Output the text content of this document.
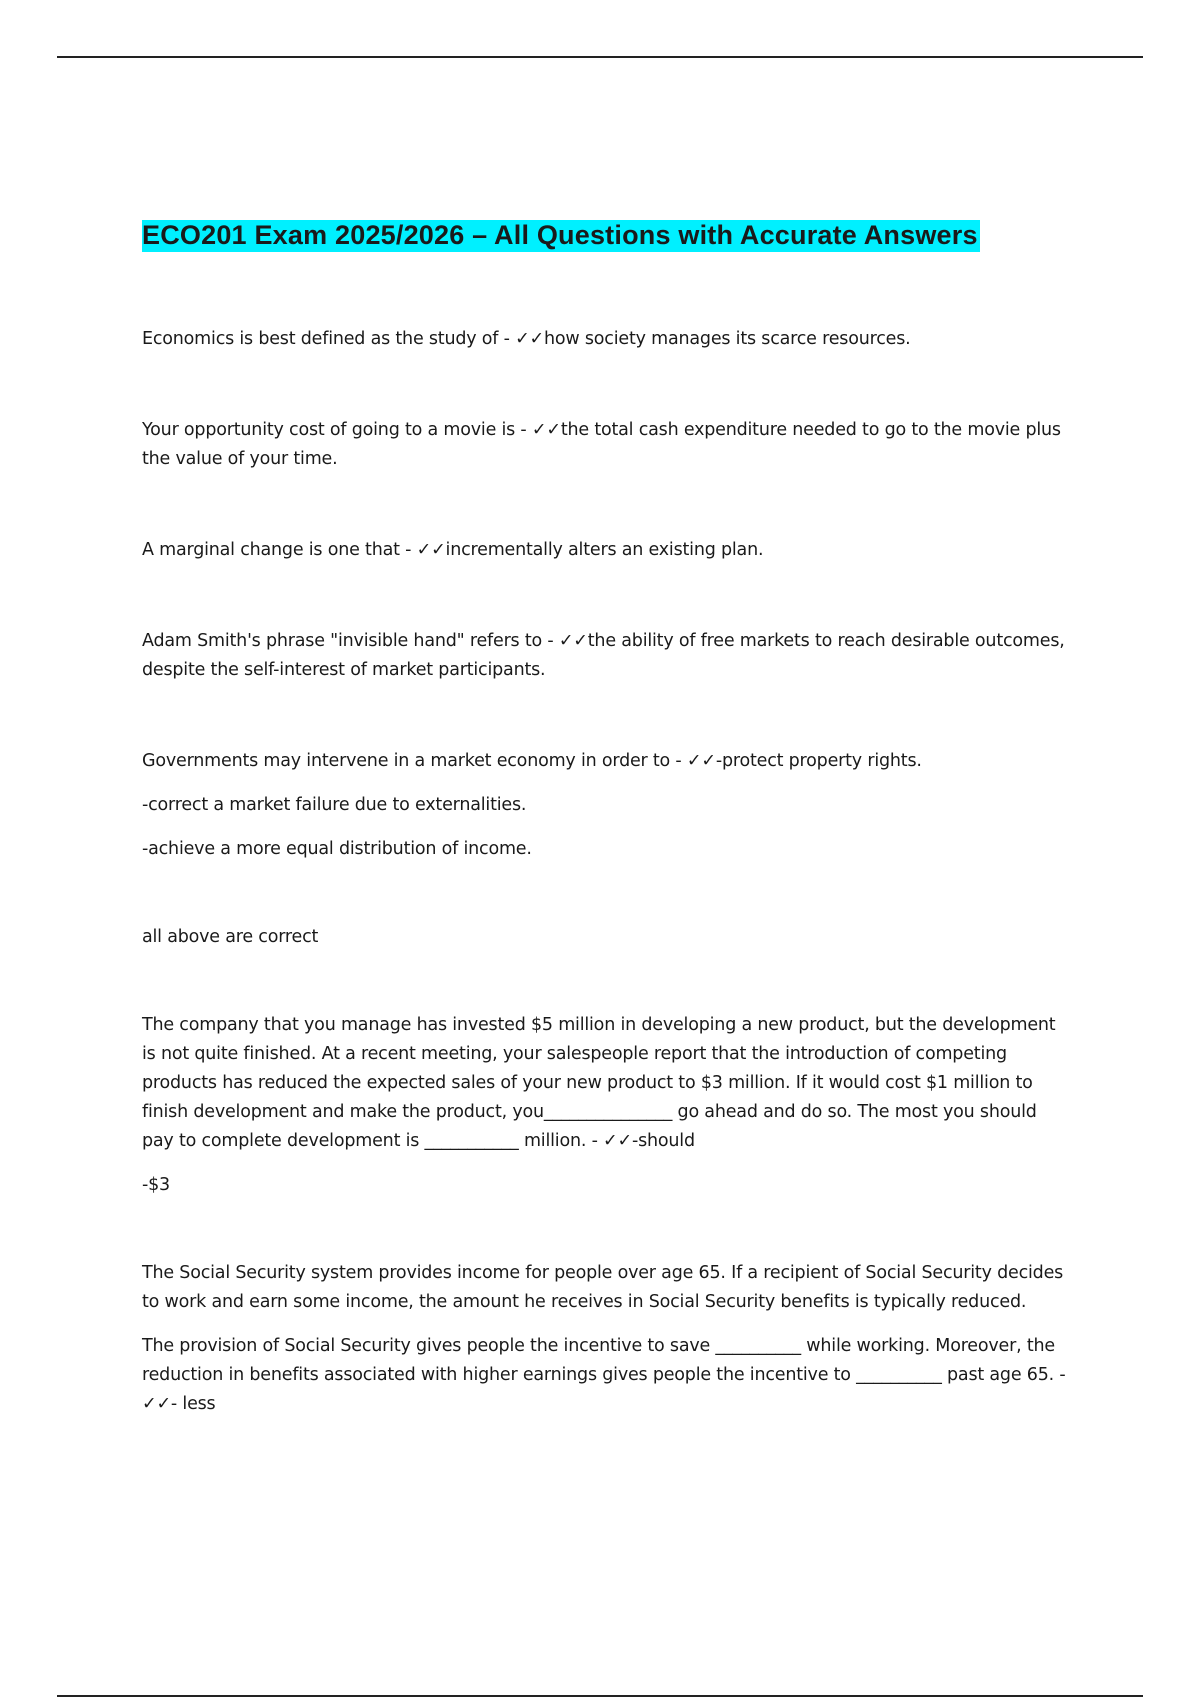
ECO201 Exam 2025/2026 – All Questions with Accurate Answers

Economics is best defined as the study of - ✓✓how society manages its scarce resources.

Your opportunity cost of going to a movie is - ✓✓the total cash expenditure needed to go to the movie plus the value of your time.

A marginal change is one that - ✓✓incrementally alters an existing plan.

Adam Smith's phrase "invisible hand" refers to - ✓✓the ability of free markets to reach desirable outcomes, despite the self-interest of market participants.

Governments may intervene in a market economy in order to - ✓✓-protect property rights.

-correct a market failure due to externalities.

-achieve a more equal distribution of income.

all above are correct

The company that you manage has invested $5 million in developing a new product, but the development is not quite finished. At a recent meeting, your salespeople report that the introduction of competing products has reduced the expected sales of your new product to $3 million. If it would cost $1 million to finish development and make the product, you_______________ go ahead and do so. The most you should pay to complete development is ___________ million. - ✓✓-should

-$3

The Social Security system provides income for people over age 65. If a recipient of Social Security decides to work and earn some income, the amount he receives in Social Security benefits is typically reduced.

The provision of Social Security gives people the incentive to save __________ while working. Moreover, the reduction in benefits associated with higher earnings gives people the incentive to __________ past age 65. - ✓✓- less
